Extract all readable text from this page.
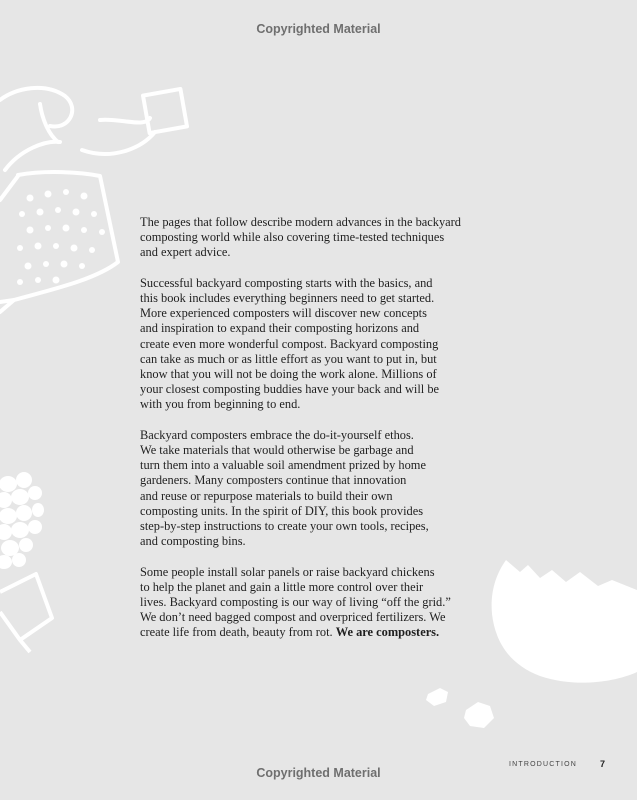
Copyrighted Material

The pages that follow describe modern advances in the backyard
composting world while also covering time-tested techniques
and expert advice.

Successful backyard composting starts with the basics, and
this book includes everything beginners need to get started.
More experienced composters will discover new concepts
and inspiration to expand their composting horizons and
create even more wonderful compost. Backyard composting
can take as much or as little effort as you want to put in, but
know that you will not be doing the work alone. Millions of
your closest composting buddies have your back and will be
with you from beginning to end.

Backyard composters embrace the do-it-yourself ethos.
We take materials that would otherwise be garbage and
turn them into a valuable soil amendment prized by home
gardeners. Many composters continue that innovation
and reuse or repurpose materials to build their own
composting units. In the spirit of DIY, this book provides
step-by-step instructions to create your own tools, recipes,
and composting bins.

Some people install solar panels or raise backyard chickens
to help the planet and gain a little more control over their
lives. Backyard composting is our way of living “off the grid.”
We don’t need bagged compost and overpriced fertilizers. We
create life from death, beauty from rot. We are composters.

INTRODUCTION	7
Copyrighted Material
